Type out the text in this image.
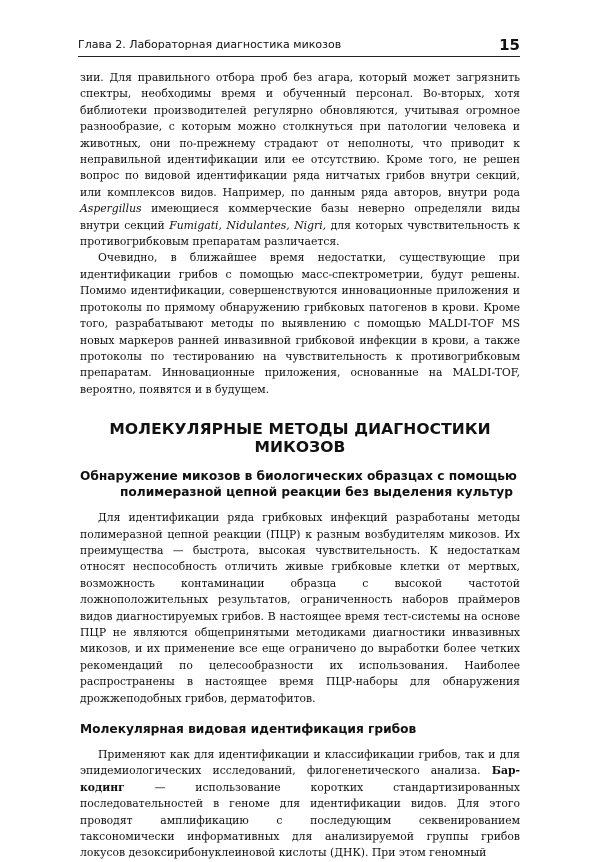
Глава 2. Лабораторная диагностика микозов	15

зии. Для правильного отбора проб без агара, который может загрязнить спектры, необходимы время и обученный персонал. Во-вторых, хотя библиотеки производителей регулярно обновляются, учитывая огромное разнообразие, с которым можно столкнуться при патологии человека и животных, они по-прежнему страдают от неполноты, что приводит к неправильной идентификации или ее отсутствию. Кроме того, не решен вопрос по видовой идентификации ряда нитчатых грибов внутри секций, или комплексов видов. Например, по данным ряда авторов, внутри рода Aspergillus имеющиеся коммерческие базы неверно определяли виды внутри секций Fumigati, Nidulantes, Nigri, для которых чувствительность к противогрибковым препаратам различается.

Очевидно, в ближайшее время недостатки, существующие при идентификации грибов с помощью масс-спектрометрии, будут решены. Помимо идентификации, совершенствуются инновационные приложения и протоколы по прямому обнаружению грибковых патогенов в крови. Кроме того, разрабатывают методы по выявлению с помощью MALDI-TOF MS новых маркеров ранней инвазивной грибковой инфекции в крови, а также протоколы по тестированию на чувствительность к противогрибковым препаратам. Инновационные приложения, основанные на MALDI-TOF, вероятно, появятся и в будущем.

МОЛЕКУЛЯРНЫЕ МЕТОДЫ ДИАГНОСТИКИ МИКОЗОВ
Обнаружение микозов в биологических образцах с помощью
полимеразной цепной реакции без выделения культур

Для идентификации ряда грибковых инфекций разработаны методы полимеразной цепной реакции (ПЦР) к разным возбудителям микозов. Их преимущества — быстрота, высокая чувствительность. К недостаткам относят неспособность отличить живые грибковые клетки от мертвых, возможность контаминации образца с высокой частотой ложноположительных результатов, ограниченность наборов праймеров видов диагностируемых грибов. В настоящее время тест-системы на основе ПЦР не являются общепринятыми методиками диагностики инвазивных микозов, и их применение все еще ограничено до выработки более четких рекомендаций по целесообразности их использования. Наиболее распространены в настоящее время ПЦР-наборы для обнаружения дрожжеподобных грибов, дерматофитов.

Молекулярная видовая идентификация грибов

Применяют как для идентификации и классификации грибов, так и для эпидемиологических исследований, филогенетического анализа. Бар-кодинг — использование коротких стандартизированных последовательностей в геноме для идентификации видов. Для этого проводят амплификацию с последующим секвенированием таксономически информативных для анализируемой группы грибов локусов дезоксирибонуклеиновой кислоты (ДНК). При этом геномный
